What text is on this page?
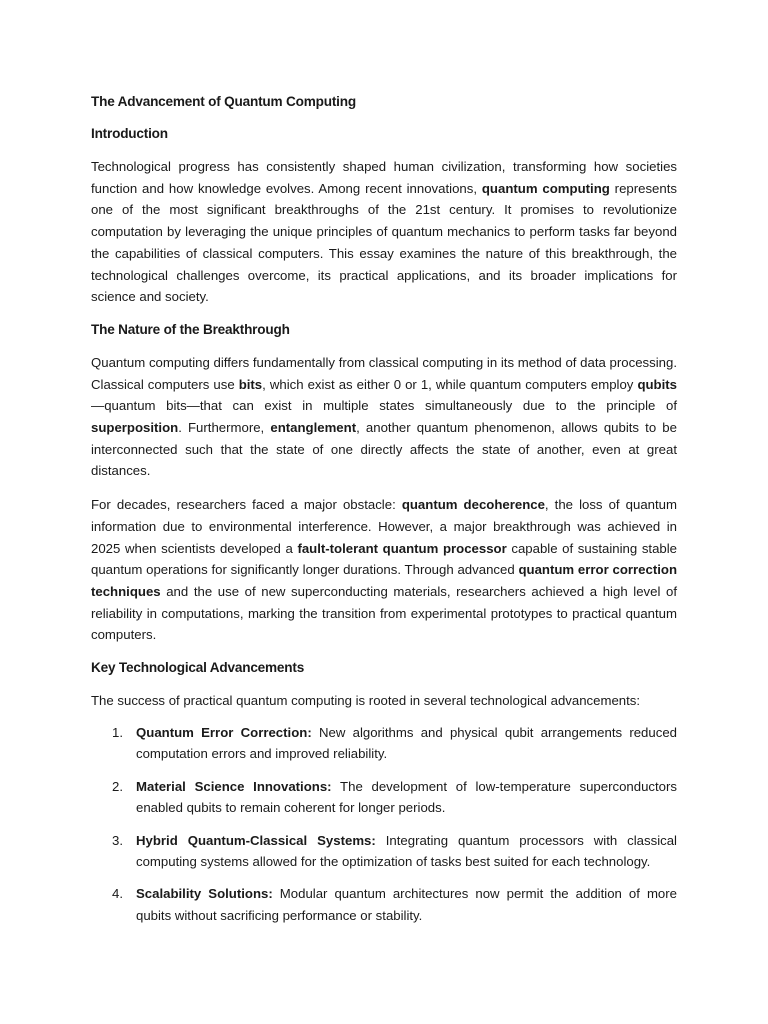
The Advancement of Quantum Computing
Introduction

Technological progress has consistently shaped human civilization, transforming how societies function and how knowledge evolves. Among recent innovations, quantum computing represents one of the most significant breakthroughs of the 21st century. It promises to revolutionize computation by leveraging the unique principles of quantum mechanics to perform tasks far beyond the capabilities of classical computers. This essay examines the nature of this breakthrough, the technological challenges overcome, its practical applications, and its broader implications for science and society.

The Nature of the Breakthrough

Quantum computing differs fundamentally from classical computing in its method of data processing. Classical computers use bits, which exist as either 0 or 1, while quantum computers employ qubits—quantum bits—that can exist in multiple states simultaneously due to the principle of superposition. Furthermore, entanglement, another quantum phenomenon, allows qubits to be interconnected such that the state of one directly affects the state of another, even at great distances.

For decades, researchers faced a major obstacle: quantum decoherence, the loss of quantum information due to environmental interference. However, a major breakthrough was achieved in 2025 when scientists developed a fault-tolerant quantum processor capable of sustaining stable quantum operations for significantly longer durations. Through advanced quantum error correction techniques and the use of new superconducting materials, researchers achieved a high level of reliability in computations, marking the transition from experimental prototypes to practical quantum computers.

Key Technological Advancements

The success of practical quantum computing is rooted in several technological advancements:

1. Quantum Error Correction: New algorithms and physical qubit arrangements reduced computation errors and improved reliability.
2. Material Science Innovations: The development of low-temperature superconductors enabled qubits to remain coherent for longer periods.
3. Hybrid Quantum-Classical Systems: Integrating quantum processors with classical computing systems allowed for the optimization of tasks best suited for each technology.
4. Scalability Solutions: Modular quantum architectures now permit the addition of more qubits without sacrificing performance or stability.
